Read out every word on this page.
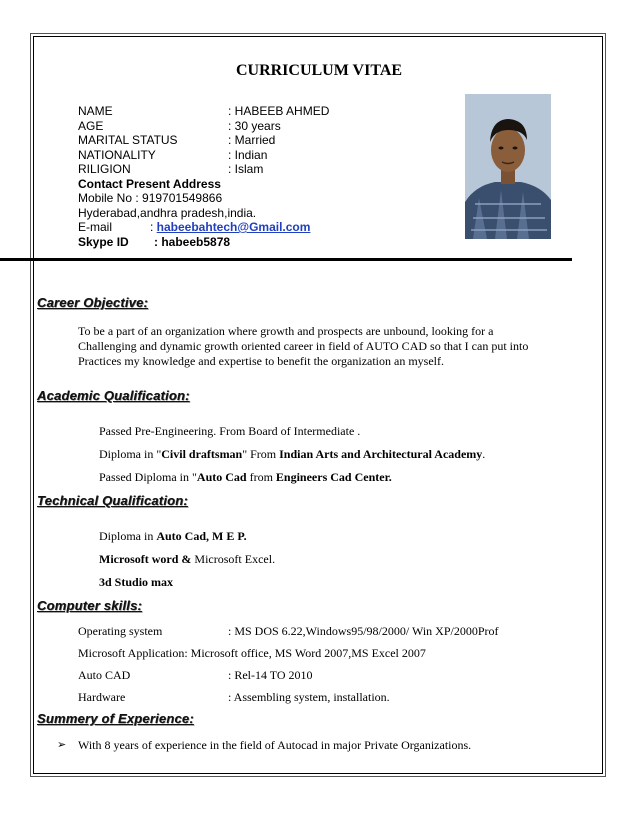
CURRICULUM VITAE
NAME	: HABEEB AHMED
AGE	: 30 years
MARITAL STATUS	: Married
NATIONALITY	: Indian
RILIGION	: Islam
Contact Present Address
Mobile No : 919701549866
Hyderabad,andhra pradesh,india.
E-mail	: habeebahtech@Gmail.com
Skype ID : habeeb5878
Career Objective:
To be a part of an organization where growth and prospects are unbound, looking for a
Challenging and dynamic growth oriented career in field of AUTO CAD so that I can put into
Practices my knowledge and expertise to benefit the organization an myself.
Academic Qualification:
Passed Pre-Engineering. From Board of Intermediate .
Diploma in "Civil draftsman" From Indian Arts and Architectural Academy.
Passed Diploma in "Auto Cad from Engineers Cad Center.
Technical Qualification:
Diploma in Auto Cad, M E P.
Microsoft word & Microsoft Excel.
3d Studio max
Computer skills:
Operating system	: MS DOS 6.22,Windows95/98/2000/ Win XP/2000Prof
Microsoft Application: Microsoft office, MS Word 2007,MS Excel 2007
Auto CAD	: Rel-14 TO 2010
Hardware	: Assembling system, installation.
Summery of Experience:
➢ With 8 years of experience in the field of Autocad in major Private Organizations.
